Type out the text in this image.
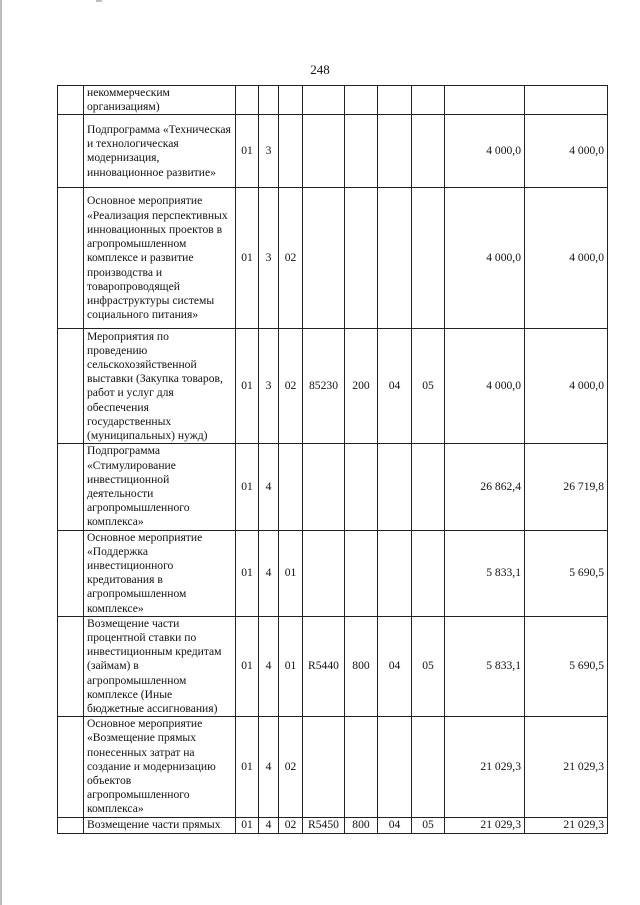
248
	некоммерческим организациям)									
	Подпрограмма «Техническая и технологическая модернизация, инновационное развитие»	01	3						4 000,0	4 000,0
	Основное мероприятие «Реализация перспективных инновационных проектов в агропромышленном комплексе и развитие производства и товаропроводящей инфраструктуры системы социального питания»	01	3	02					4 000,0	4 000,0
	Мероприятия по проведению сельскохозяйственной выставки (Закупка товаров, работ и услуг для обеспечения государственных (муниципальных) нужд)	01	3	02	85230	200	04	05	4 000,0	4 000,0
	Подпрограмма «Стимулирование инвестиционной деятельности агропромышленного комплекса»	01	4						26 862,4	26 719,8
	Основное мероприятие «Поддержка инвестиционного кредитования в агропромышленном комплексе»	01	4	01					5 833,1	5 690,5
	Возмещение части процентной ставки по инвестиционным кредитам (займам) в агропромышленном комплексе (Иные бюджетные ассигнования)	01	4	01	R5440	800	04	05	5 833,1	5 690,5
	Основное мероприятие «Возмещение прямых понесенных затрат на создание и модернизацию объектов агропромышленного комплекса»	01	4	02					21 029,3	21 029,3
	Возмещение части прямых	01	4	02	R5450	800	04	05	21 029,3	21 029,3
